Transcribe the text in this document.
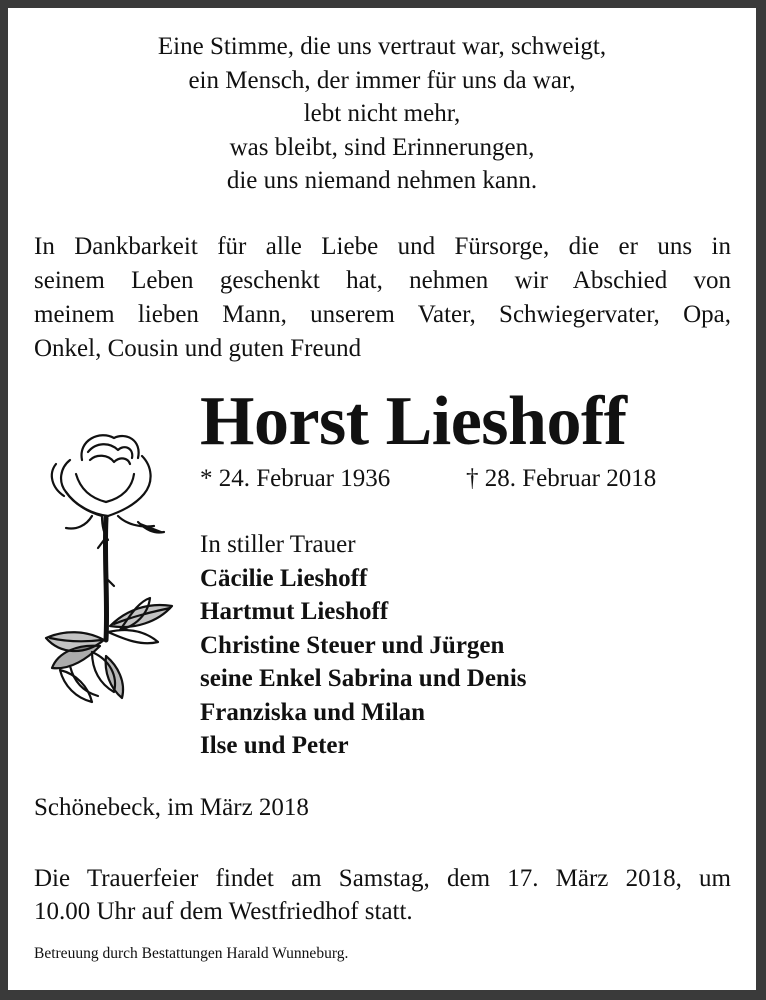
Eine Stimme, die uns vertraut war, schweigt,
ein Mensch, der immer für uns da war,
lebt nicht mehr,
was bleibt, sind Erinnerungen,
die uns niemand nehmen kann.
In Dankbarkeit für alle Liebe und Fürsorge, die er uns in
seinem Leben geschenkt hat, nehmen wir Abschied von
meinem lieben Mann, unserem Vater, Schwiegervater, Opa,
Onkel, Cousin und guten Freund
Horst Lieshoff
* 24. Februar 1936	† 28. Februar 2018
In stiller Trauer
Cäcilie Lieshoff
Hartmut Lieshoff
Christine Steuer und Jürgen
seine Enkel Sabrina und Denis
Franziska und Milan
Ilse und Peter
Schönebeck, im März 2018
Die Trauerfeier findet am Samstag, dem 17. März 2018, um
10.00 Uhr auf dem Westfriedhof statt.
Betreuung durch Bestattungen Harald Wunneburg.
